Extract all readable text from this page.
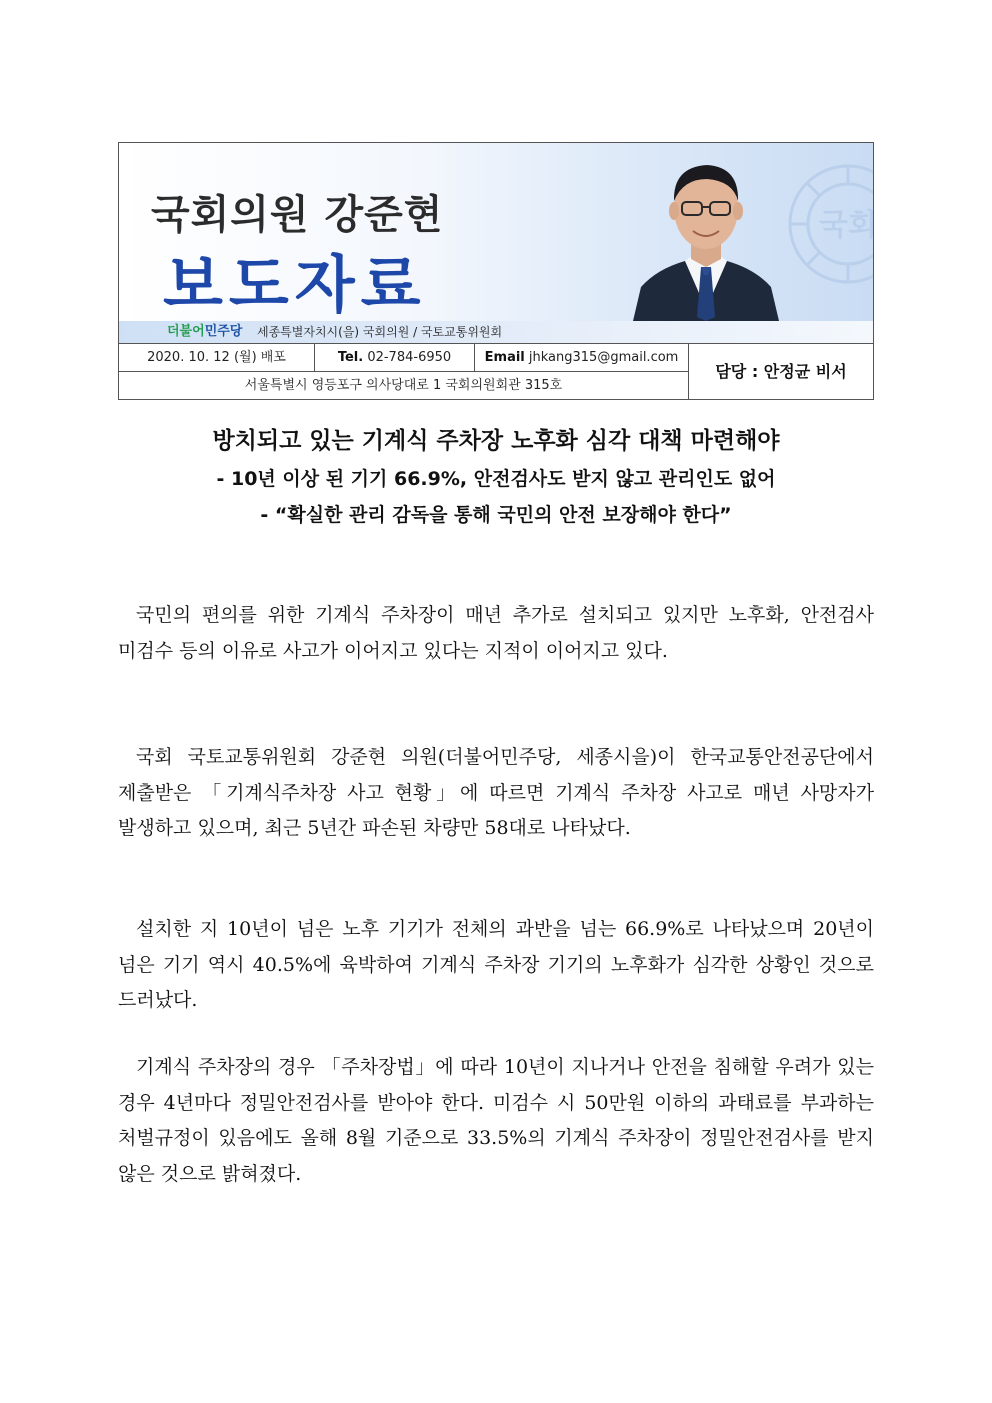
국회
국회의원 강준현
보도자료
더불어민주당 세종특별자치시(을) 국회의원 / 국토교통위원회
2020. 10. 12 (월) 배포	Tel. 02-784-6950	Email jhkang315@gmail.com
서울특별시 영등포구 의사당대로 1 국회의원회관 315호
담당 : 안정균 비서
방치되고 있는 기계식 주차장 노후화 심각 대책 마련해야
- 10년 이상 된 기기 66.9%, 안전검사도 받지 않고 관리인도 없어
- “확실한 관리 감독을 통해 국민의 안전 보장해야 한다”

국민의 편의를 위한 기계식 주차장이 매년 추가로 설치되고 있지만 노후화, 안전검사 미검수 등의 이유로 사고가 이어지고 있다는 지적이 이어지고 있다.

국회 국토교통위원회 강준현 의원(더불어민주당, 세종시을)이 한국교통안전공단에서 제출받은 「기계식주차장 사고 현황」에 따르면 기계식 주차장 사고로 매년 사망자가 발생하고 있으며, 최근 5년간 파손된 차량만 58대로 나타났다.

설치한 지 10년이 넘은 노후 기기가 전체의 과반을 넘는 66.9%로 나타났으며 20년이 넘은 기기 역시 40.5%에 육박하여 기계식 주차장 기기의 노후화가 심각한 상황인 것으로 드러났다.

기계식 주차장의 경우 「주차장법」에 따라 10년이 지나거나 안전을 침해할 우려가 있는 경우 4년마다 정밀안전검사를 받아야 한다. 미검수 시 50만원 이하의 과태료를 부과하는 처벌규정이 있음에도 올해 8월 기준으로 33.5%의 기계식 주차장이 정밀안전검사를 받지 않은 것으로 밝혀졌다.
